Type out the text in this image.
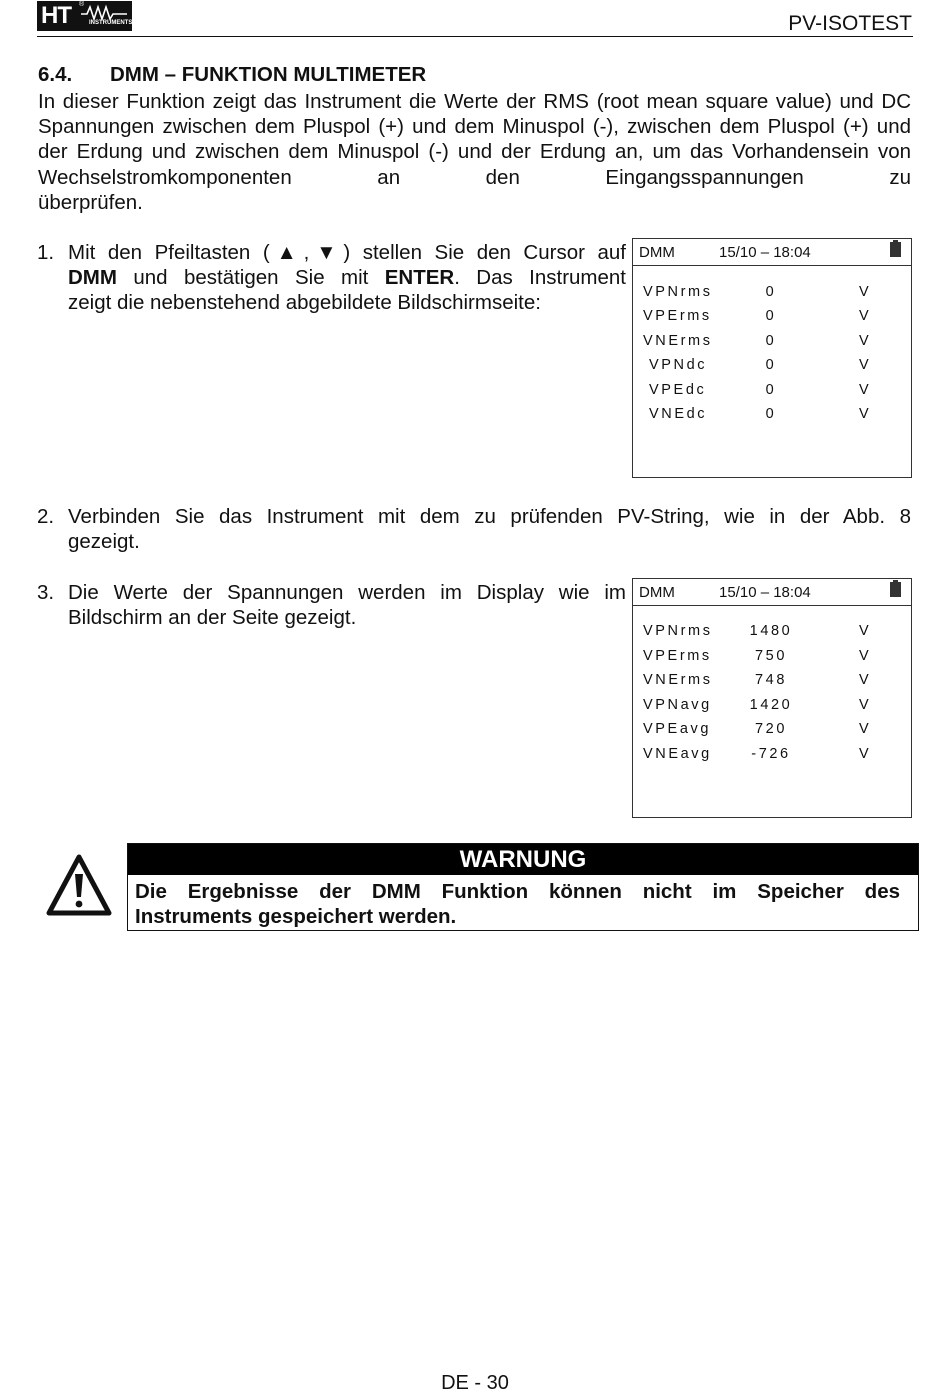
HT ®
INSTRUMENTS	PV-ISOTEST
6.4. DMM – FUNKTION MULTIMETER
In dieser Funktion zeigt das Instrument die Werte der RMS (root mean square value) und DC Spannungen zwischen dem Pluspol (+) und dem Minuspol (-), zwischen dem Pluspol (+) und der Erdung und zwischen dem Minuspol (-) und der Erdung an, um das Vorhandensein von Wechselstromkomponenten an den Eingangsspannungen zu
überprüfen.
1. Mit den Pfeiltasten (▲,▼) stellen Sie den Cursor auf
DMM und bestätigen Sie mit ENTER. Das Instrument
zeigt die nebenstehend abgebildete Bildschirmseite:
DMM	15/10 – 18:04
VPNrms	0	V
VPErms	0	V
VNErms	0	V
VPNdc	0	V
VPEdc	0	V
VNEdc	0	V
2. Verbinden Sie das Instrument mit dem zu prüfenden PV-String, wie in der Abb. 8
gezeigt.
3. Die Werte der Spannungen werden im Display wie im
Bildschirm an der Seite gezeigt.
DMM	15/10 – 18:04
VPNrms	1480	V
VPErms	750	V
VNErms	748	V
VPNavg	1420	V
VPEavg	720	V
VNEavg	-726	V
WARNUNG
Die Ergebnisse der DMM Funktion können nicht im Speicher des
Instruments gespeichert werden.
DE - 30
